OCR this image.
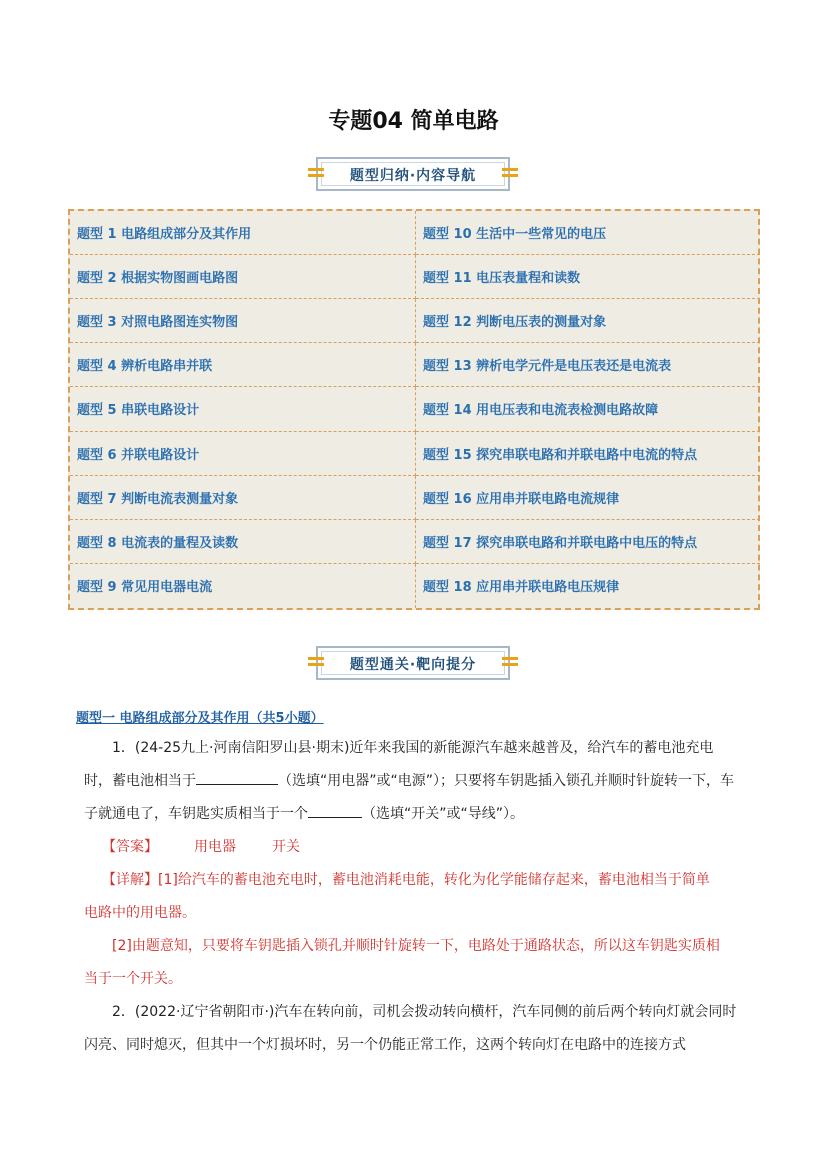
专题04 简单电路
题型归纳·内容导航
题型 1 电路组成部分及其作用	题型 10 生活中一些常见的电压
题型 2 根据实物图画电路图	题型 11 电压表量程和读数
题型 3 对照电路图连实物图	题型 12 判断电压表的测量对象
题型 4 辨析电路串并联	题型 13 辨析电学元件是电压表还是电流表
题型 5 串联电路设计	题型 14 用电压表和电流表检测电路故障
题型 6 并联电路设计	题型 15 探究串联电路和并联电路中电流的特点
题型 7 判断电流表测量对象	题型 16 应用串并联电路电流规律
题型 8 电流表的量程及读数	题型 17 探究串联电路和并联电路中电压的特点
题型 9 常见用电器电流	题型 18 应用串并联电路电压规律
题型通关·靶向提分
题型一 电路组成部分及其作用（共5小题）
1．(24-25九上·河南信阳罗山县·期末)近年来我国的新能源汽车越来越普及，给汽车的蓄电池充电
时，蓄电池相当于	（选填“用电器”或“电源”）；只要将车钥匙插入锁孔并顺时针旋转一下，车
子就通电了，车钥匙实质相当于一个	（选填“开关”或“导线”）。
【答案】	用电器	开关
【详解】[1]给汽车的蓄电池充电时，蓄电池消耗电能，转化为化学能储存起来，蓄电池相当于简单
电路中的用电器。
[2]由题意知，只要将车钥匙插入锁孔并顺时针旋转一下，电路处于通路状态，所以这车钥匙实质相
当于一个开关。
2．(2022·辽宁省朝阳市·)汽车在转向前，司机会拨动转向横杆，汽车同侧的前后两个转向灯就会同时
闪亮、同时熄灭，但其中一个灯损坏时，另一个仍能正常工作，这两个转向灯在电路中的连接方式
